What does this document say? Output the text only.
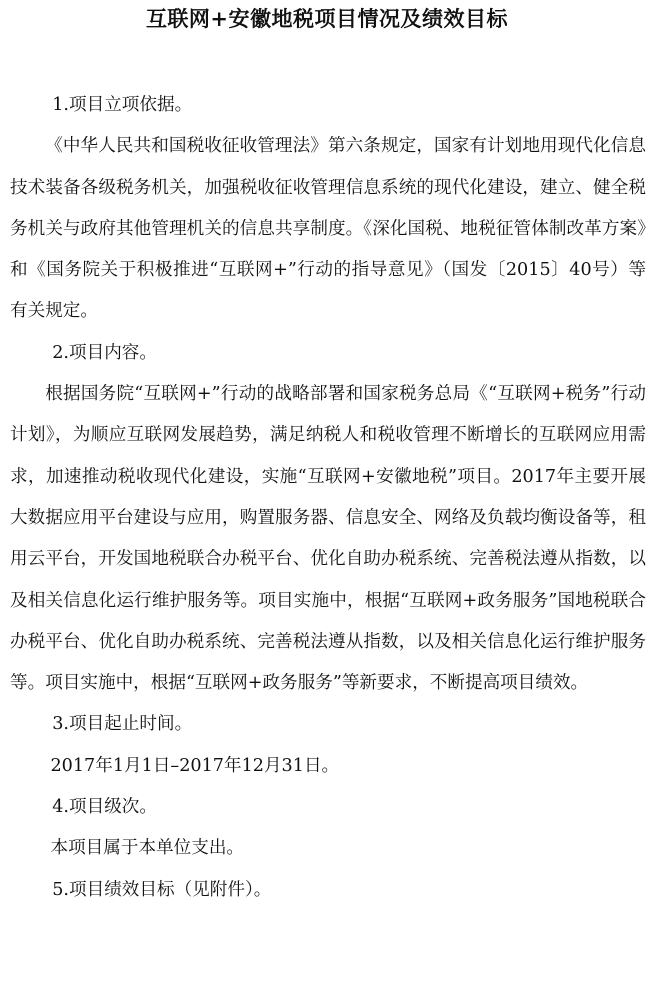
互联网+安徽地税项目情况及绩效目标

1.项目立项依据。

《中华人民共和国税收征收管理法》第六条规定，国家有计划地用现代化信息技术装备各级税务机关，加强税收征收管理信息系统的现代化建设，建立、健全税务机关与政府其他管理机关的信息共享制度。《深化国税、地税征管体制改革方案》和《国务院关于积极推进“互联网+”行动的指导意见》（国发〔2015〕40号）等有关规定。

2.项目内容。

根据国务院“互联网+”行动的战略部署和国家税务总局《“互联网+税务”行动计划》，为顺应互联网发展趋势，满足纳税人和税收管理不断增长的互联网应用需求，加速推动税收现代化建设，实施“互联网+安徽地税”项目。2017年主要开展大数据应用平台建设与应用，购置服务器、信息安全、网络及负载均衡设备等，租用云平台，开发国地税联合办税平台、优化自助办税系统、完善税法遵从指数，以及相关信息化运行维护服务等。项目实施中，根据“互联网+政务服务”国地税联合办税平台、优化自助办税系统、完善税法遵从指数，以及相关信息化运行维护服务等。项目实施中，根据“互联网+政务服务”等新要求，不断提高项目绩效。

3.项目起止时间。

2017年1月1日–2017年12月31日。

4.项目级次。

本项目属于本单位支出。

5.项目绩效目标（见附件）。
